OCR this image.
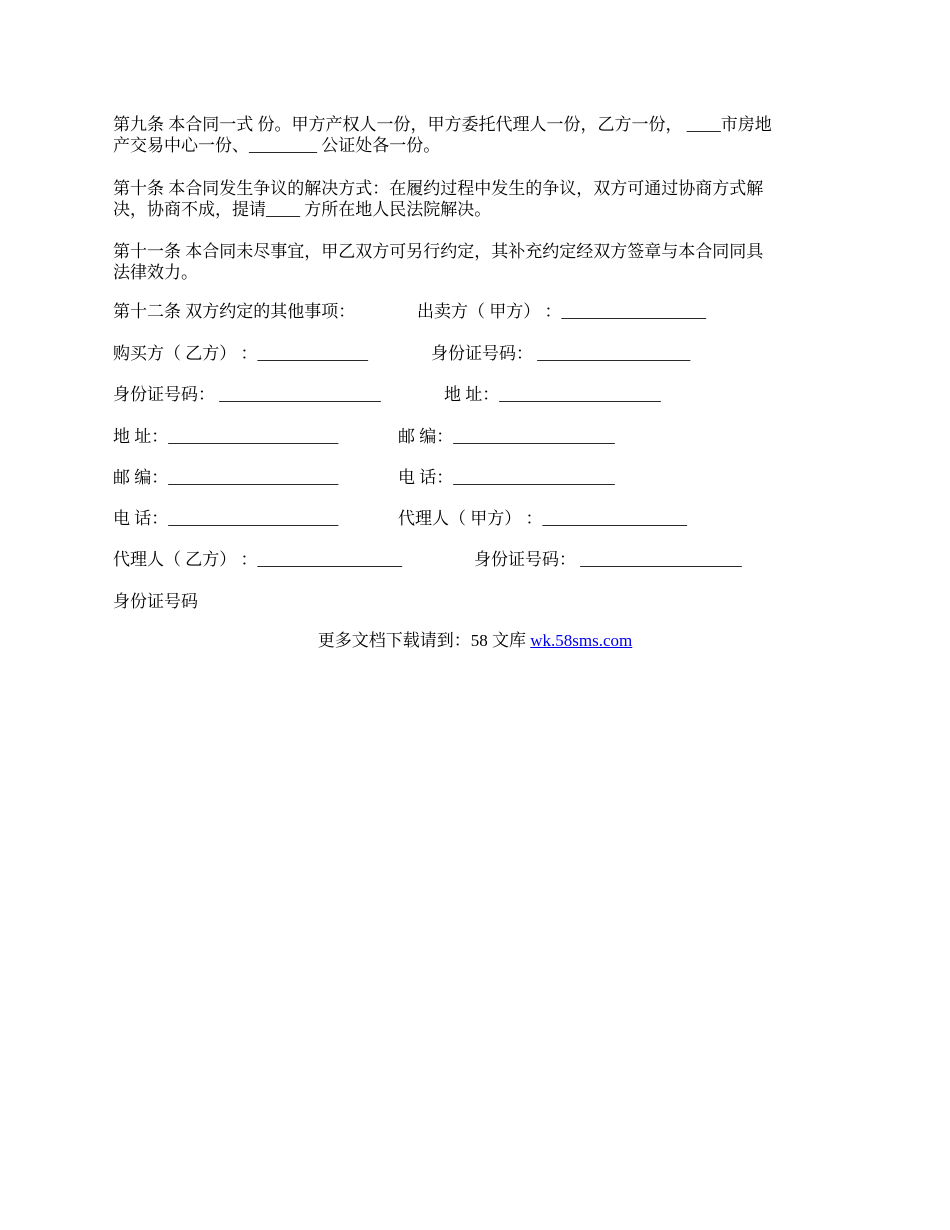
第九条 本合同一式 份。甲方产权人一份，甲方委托代理人一份，乙方一份， ____市房地
产交易中心一份、________ 公证处各一份。
第十条 本合同发生争议的解决方式：在履约过程中发生的争议，双方可通过协商方式解
决，协商不成，提请____ 方所在地人民法院解决。
第十一条 本合同未尽事宜，甲乙双方可另行约定，其补充约定经双方签章与本合同同具
法律效力。
第十二条 双方约定的其他事项：	出卖方（ 甲方） ：_________________
购买方（ 乙方） ：_____________	身份证号码： __________________
身份证号码： ___________________	地 址：___________________
地 址：____________________	邮 编：___________________
邮 编：____________________	电 话：___________________
电 话：____________________	代理人（ 甲方） ：_________________
代理人（ 乙方） ：_________________	身份证号码： ___________________
身份证号码
更多文档下载请到：58 文库 wk.58sms.com
